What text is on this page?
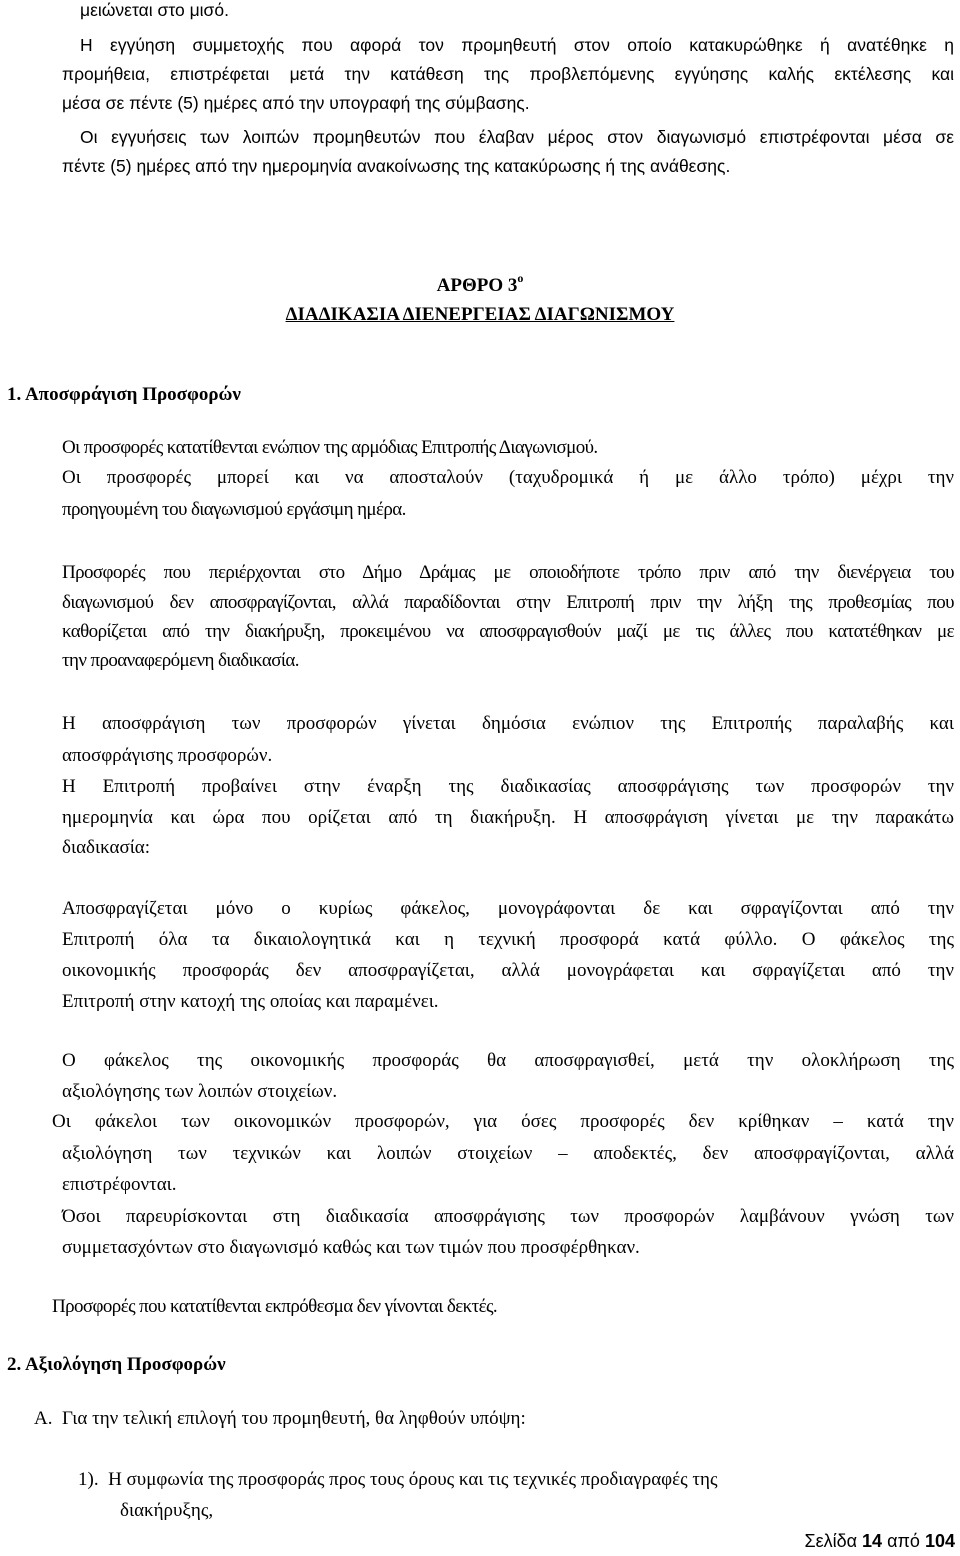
μειώνεται στο μισό.

Η εγγύηση συμμετοχής που αφορά τον προμηθευτή στον οποίο κατακυρώθηκε ή ανατέθηκε η

προμήθεια, επιστρέφεται μετά την κατάθεση της προβλεπόμενης εγγύησης καλής εκτέλεσης και

μέσα σε πέντε (5) ημέρες από την υπογραφή της σύμβασης.

Οι εγγυήσεις των λοιπών προμηθευτών που έλαβαν μέρος στον διαγωνισμό επιστρέφονται μέσα σε

πέντε (5) ημέρες από την ημερομηνία ανακοίνωσης της κατακύρωσης ή της ανάθεσης.

ΑΡΘΡΟ $3^o$
ΔΙΑΔΙΚΑΣΙΑ ΔΙΕΝΕΡΓΕΙΑΣ ΔΙΑΓΩΝΙΣΜΟΥ

1. Αποσφράγιση Προσφορών

Οι προσφορές κατατίθενται ενώπιον της αρμόδιας Επιτροπής Διαγωνισμού.

Οι προσφορές μπορεί και να αποσταλούν (ταχυδρομικά ή με άλλο τρόπο) μέχρι την

προηγουμένη του διαγωνισμού εργάσιμη ημέρα.

Προσφορές που περιέρχονται στο Δήμο Δράμας με οποιοδήποτε τρόπο πριν από την διενέργεια του

διαγωνισμού δεν αποσφραγίζονται, αλλά παραδίδονται στην Επιτροπή πριν την λήξη της προθεσμίας που

καθορίζεται από την διακήρυξη, προκειμένου να αποσφραγισθούν μαζί με τις άλλες που κατατέθηκαν με

την προαναφερόμενη διαδικασία.

Η αποσφράγιση των προσφορών γίνεται δημόσια ενώπιον της Επιτροπής παραλαβής και

αποσφράγισης προσφορών.

Η Επιτροπή προβαίνει στην έναρξη της διαδικασίας αποσφράγισης των προσφορών την

ημερομηνία και ώρα που ορίζεται από τη διακήρυξη. Η αποσφράγιση γίνεται με την παρακάτω

διαδικασία:

Αποσφραγίζεται μόνο ο κυρίως φάκελος, μονογράφονται δε και σφραγίζονται από την

Επιτροπή όλα τα δικαιολογητικά και η τεχνική προσφορά κατά φύλλο. Ο φάκελος της

οικονομικής προσφοράς δεν αποσφραγίζεται, αλλά μονογράφεται και σφραγίζεται από την

Επιτροπή στην κατοχή της οποίας και παραμένει.

Ο φάκελος της οικονομικής προσφοράς θα αποσφραγισθεί, μετά την ολοκλήρωση της

αξιολόγησης των λοιπών στοιχείων.

Οι φάκελοι των οικονομικών προσφορών, για όσες προσφορές δεν κρίθηκαν – κατά την

αξιολόγηση των τεχνικών και λοιπών στοιχείων – αποδεκτές, δεν αποσφραγίζονται, αλλά

επιστρέφονται.

Όσοι παρευρίσκονται στη διαδικασία αποσφράγισης των προσφορών λαμβάνουν γνώση των

συμμετασχόντων στο διαγωνισμό καθώς και των τιμών που προσφέρθηκαν.

Προσφορές που κατατίθενται εκπρόθεσμα δεν γίνονται δεκτές.

2. Αξιολόγηση Προσφορών

Α.  Για την τελική επιλογή του προμηθευτή, θα ληφθούν υπόψη:

1).  Η συμφωνία της προσφοράς προς τους όρους και τις τεχνικές προδιαγραφές της

διακήρυξης,

Σελίδα 14 από 104
